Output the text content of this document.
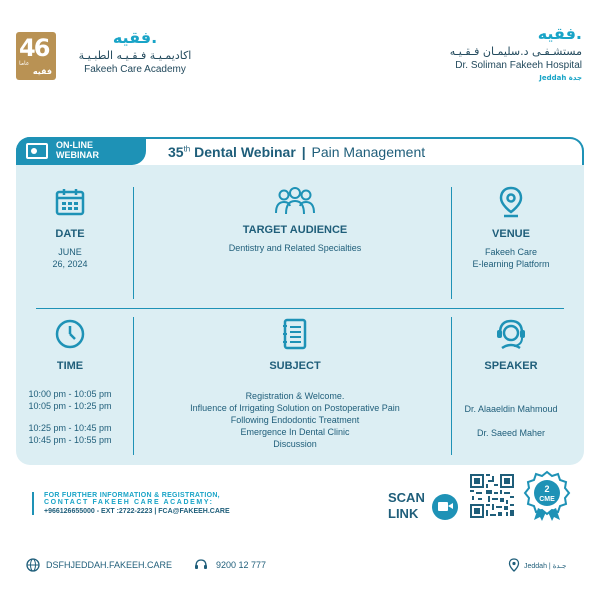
46
عاما
فقيه
فقيه.
اكاديمـيـة فـقـيـه الطبـيـة
Fakeeh Care Academy
فقيه.
مستشـفـى د.سليمـان فـقـيـه
Dr. Soliman Fakeeh Hospital
Jeddah جدة
ON-LINE
WEBINAR	35th Dental Webinar | Pain Management
DATE
JUNE
26, 2024
TARGET AUDIENCE
Dentistry and Related Specialties
VENUE
Fakeeh Care
E-learning Platform
TIME
10:00 pm - 10:05 pm
10:05 pm - 10:25 pm
10:25 pm - 10:45 pm
10:45 pm - 10:55 pm
SUBJECT
Registration & Welcome.
Influence of Irrigating Solution on Postoperative Pain
Following Endodontic Treatment
Emergence In Dental Clinic
Discussion
SPEAKER
Dr. Alaaeldin Mahmoud
Dr. Saeed Maher
FOR FURTHER INFORMATION & REGISTRATION,
CONTACT FAKEEH CARE ACADEMY:
+966126655000 - EXT :2722-2223 | FCA@FAKEEH.CARE
SCAN
LINK
2
CME
DSFHJEDDAH.FAKEEH.CARE	9200 12 777	Jeddah | جـدة
